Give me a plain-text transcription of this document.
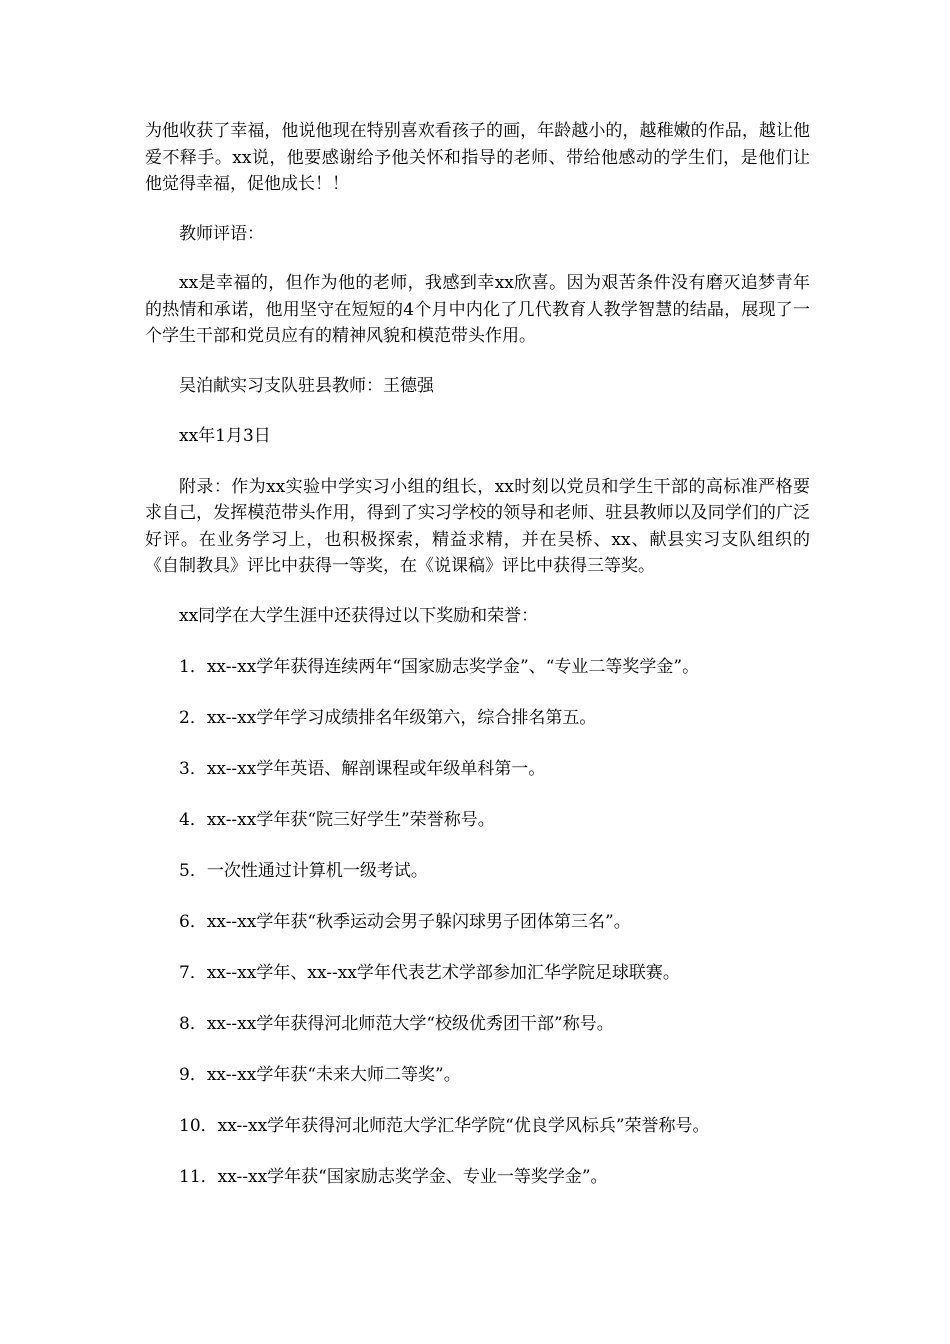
为他收获了幸福，他说他现在特别喜欢看孩子的画，年龄越小的，越稚嫩的作品，越让他爱不释手。xx说，他要感谢给予他关怀和指导的老师、带给他感动的学生们，是他们让他觉得幸福，促他成长！！

教师评语：

xx是幸福的，但作为他的老师，我感到幸xx欣喜。因为艰苦条件没有磨灭追梦青年的热情和承诺，他用坚守在短短的4个月中内化了几代教育人教学智慧的结晶，展现了一个学生干部和党员应有的精神风貌和模范带头作用。

吴泊献实习支队驻县教师：王德强

xx年1月3日

附录：作为xx实验中学实习小组的组长，xx时刻以党员和学生干部的高标准严格要求自己，发挥模范带头作用，得到了实习学校的领导和老师、驻县教师以及同学们的广泛好评。在业务学习上，也积极探索，精益求精，并在吴桥、xx、献县实习支队组织的《自制教具》评比中获得一等奖，在《说课稿》评比中获得三等奖。

xx同学在大学生涯中还获得过以下奖励和荣誉：

1．xx--xx学年获得连续两年“国家励志奖学金”、“专业二等奖学金”。

2．xx--xx学年学习成绩排名年级第六，综合排名第五。

3．xx--xx学年英语、解剖课程或年级单科第一。

4．xx--xx学年获“院三好学生”荣誉称号。

5．一次性通过计算机一级考试。

6．xx--xx学年获“秋季运动会男子躲闪球男子团体第三名”。

7．xx--xx学年、xx--xx学年代表艺术学部参加汇华学院足球联赛。

8．xx--xx学年获得河北师范大学“校级优秀团干部”称号。

9．xx--xx学年获“未来大师二等奖”。

10．xx--xx学年获得河北师范大学汇华学院“优良学风标兵”荣誉称号。

11．xx--xx学年获“国家励志奖学金、专业一等奖学金”。
